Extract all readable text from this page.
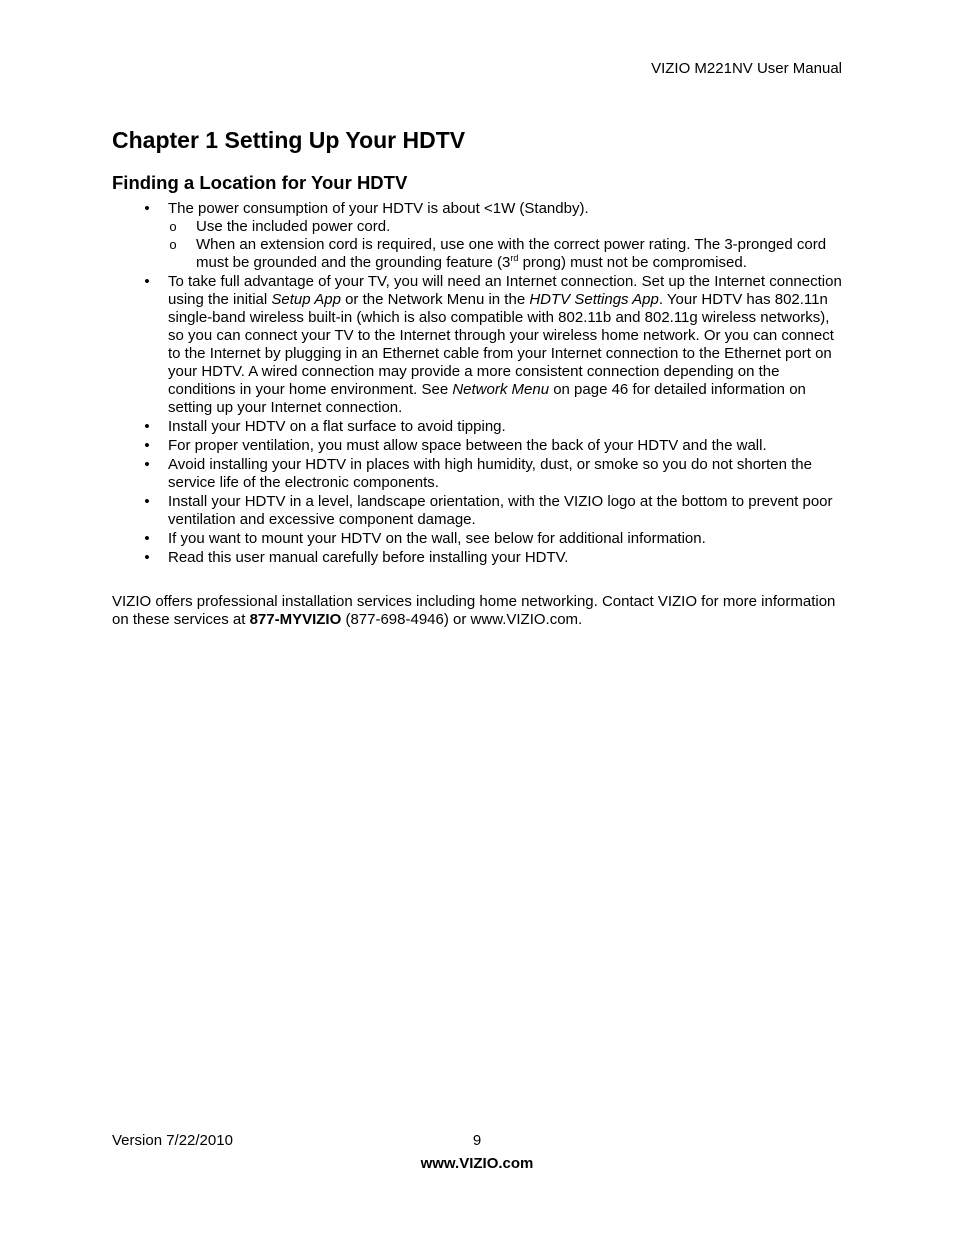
VIZIO M221NV User Manual
Chapter 1 Setting Up Your HDTV
Finding a Location for Your HDTV
• The power consumption of your HDTV is about <1W (Standby).
o Use the included power cord.
o When an extension cord is required, use one with the correct power rating. The 3-pronged cord must be grounded and the grounding feature (3rd prong) must not be compromised.
• To take full advantage of your TV, you will need an Internet connection. Set up the Internet connection using the initial Setup App or the Network Menu in the HDTV Settings App. Your HDTV has 802.11n single-band wireless built-in (which is also compatible with 802.11b and 802.11g wireless networks), so you can connect your TV to the Internet through your wireless home network. Or you can connect to the Internet by plugging in an Ethernet cable from your Internet connection to the Ethernet port on your HDTV. A wired connection may provide a more consistent connection depending on the conditions in your home environment. See Network Menu on page 46 for detailed information on setting up your Internet connection.
• Install your HDTV on a flat surface to avoid tipping.
• For proper ventilation, you must allow space between the back of your HDTV and the wall.
• Avoid installing your HDTV in places with high humidity, dust, or smoke so you do not shorten the service life of the electronic components.
• Install your HDTV in a level, landscape orientation, with the VIZIO logo at the bottom to prevent poor ventilation and excessive component damage.
• If you want to mount your HDTV on the wall, see below for additional information.
• Read this user manual carefully before installing your HDTV.

VIZIO offers professional installation services including home networking. Contact VIZIO for more information on these services at 877-MYVIZIO (877-698-4946) or www.VIZIO.com.

Version 7/22/2010	9
www.VIZIO.com
